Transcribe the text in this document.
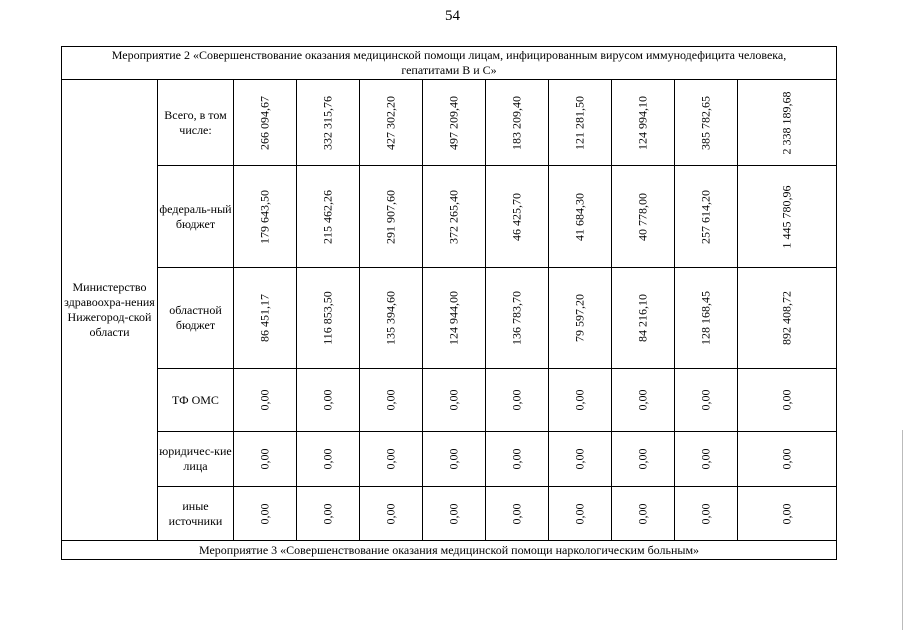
54
Мероприятие 2 «Совершенствование оказания медицинской помощи лицам, инфицированным вирусом иммунодефицита человека, гепатитами B и C»										
Министерство здравоохра-нения Нижегород-ской области	Всего, в том числе:	266 094,67	332 315,76	427 302,20	497 209,40	183 209,40	121 281,50	124 994,10	385 782,65	2 338 189,68

	федераль-ный бюджет	179 643,50	215 462,26	291 907,60	372 265,40	46 425,70	41 684,30	40 778,00	257 614,20	1 445 780,96

	областной бюджет	86 451,17	116 853,50	135 394,60	124 944,00	136 783,70	79 597,20	84 216,10	128 168,45	892 408,72

	ТФ ОМС	0,00	0,00	0,00	0,00	0,00	0,00	0,00	0,00	0,00

	юридичес-кие лица	0,00	0,00	0,00	0,00	0,00	0,00	0,00	0,00	0,00

	иные источники	0,00	0,00	0,00	0,00	0,00	0,00	0,00	0,00	0,00

Мероприятие 3 «Совершенствование оказания медицинской помощи наркологическим больным»										
